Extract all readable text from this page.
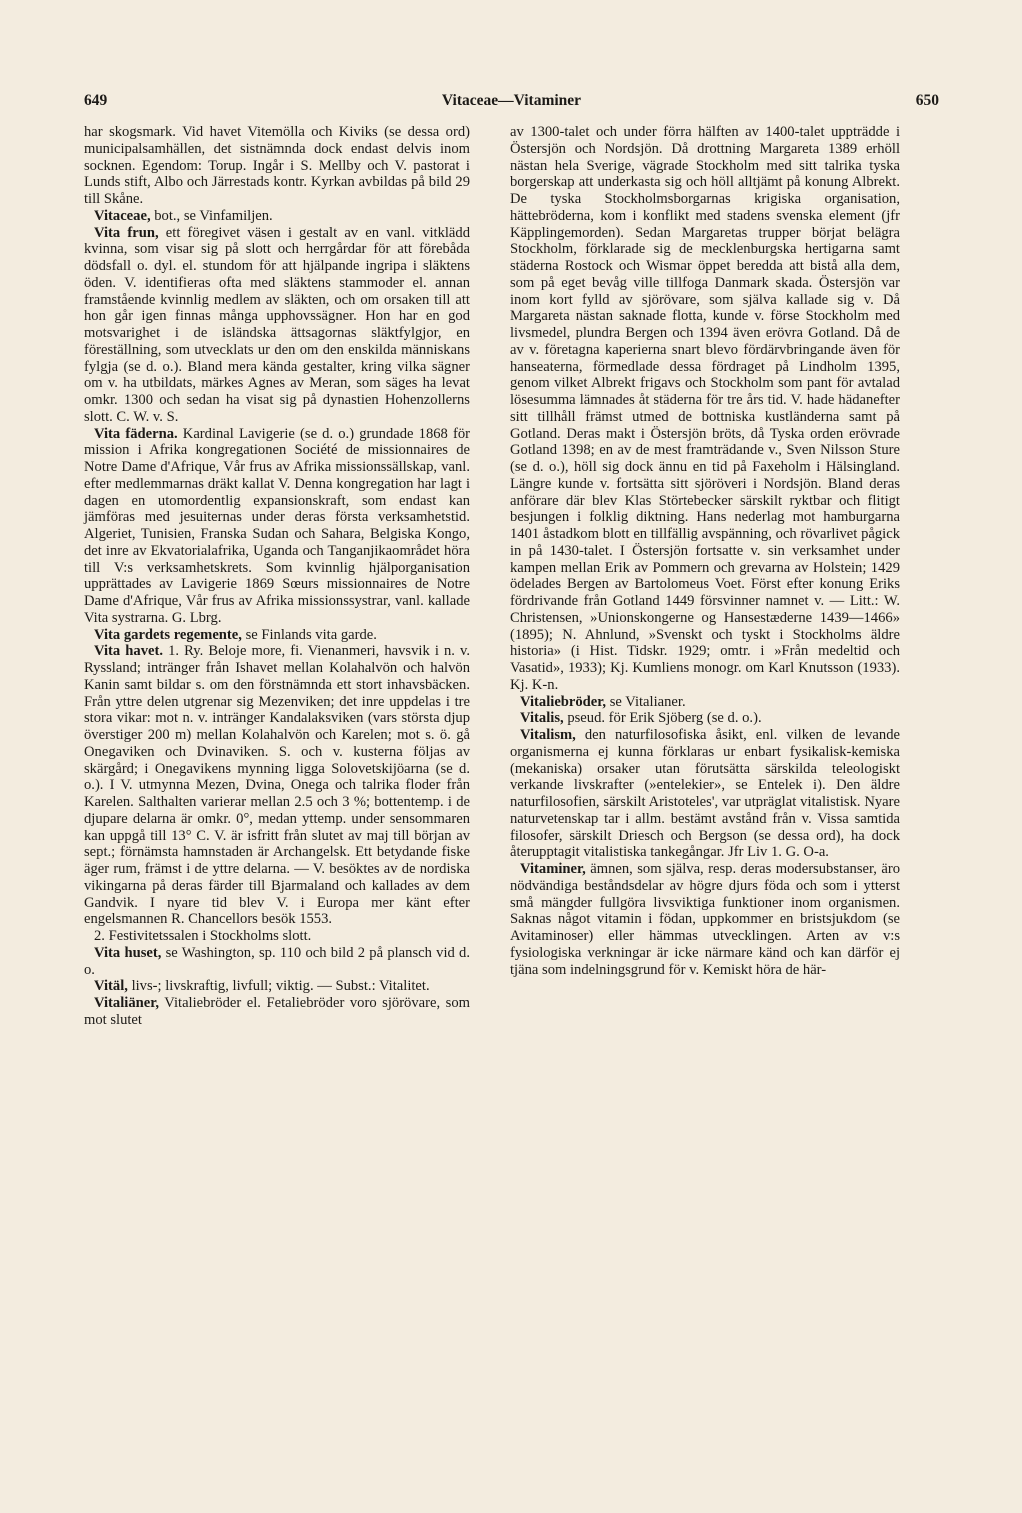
649	Vitaceae—Vitaminer	650

har skogsmark. Vid havet Vitemölla och Kiviks (se dessa ord) municipalsamhällen, det sistnämnda dock endast delvis inom socknen. Egendom: Torup. Ingår i S. Mellby och V. pastorat i Lunds stift, Albo och Järrestads kontr. Kyrkan avbildas på bild 29 till Skåne.

Vitaceae, bot., se Vinfamiljen.

Vita frun, ett föregivet väsen i gestalt av en vanl. vitklädd kvinna, som visar sig på slott och herrgårdar för att förebåda dödsfall o. dyl. el. stundom för att hjälpande ingripa i släktens öden. V. identifieras ofta med släktens stammoder el. annan framstående kvinnlig medlem av släkten, och om orsaken till att hon går igen finnas många upphovssägner. Hon har en god motsvarighet i de isländska ättsagornas släktfylgjor, en föreställning, som utvecklats ur den om den enskilda människans fylgja (se d. o.). Bland mera kända gestalter, kring vilka sägner om v. ha utbildats, märkes Agnes av Meran, som säges ha levat omkr. 1300 och sedan ha visat sig på dynastien Hohenzollerns slott. C. W. v. S.

Vita fäderna. Kardinal Lavigerie (se d. o.) grundade 1868 för mission i Afrika kongregationen Société de missionnaires de Notre Dame d'Afrique, Vår frus av Afrika missionssällskap, vanl. efter medlemmarnas dräkt kallat V. Denna kongregation har lagt i dagen en utomordentlig expansionskraft, som endast kan jämföras med jesuiternas under deras första verksamhetstid. Algeriet, Tunisien, Franska Sudan och Sahara, Belgiska Kongo, det inre av Ekvatorialafrika, Uganda och Tanganjikaområdet höra till V:s verksamhetskrets. Som kvinnlig hjälporganisation upprättades av Lavigerie 1869 Sœurs missionnaires de Notre Dame d'Afrique, Vår frus av Afrika missionssystrar, vanl. kallade Vita systrarna. G. Lbrg.

Vita gardets regemente, se Finlands vita garde.

Vita havet. 1. Ry. Beloje more, fi. Vienanmeri, havsvik i n. v. Ryssland; intränger från Ishavet mellan Kolahalvön och halvön Kanin samt bildar s. om den förstnämnda ett stort inhavsbäcken. Från yttre delen utgrenar sig Mezenviken; det inre uppdelas i tre stora vikar: mot n. v. intränger Kandalaksviken (vars största djup överstiger 200 m) mellan Kolahalvön och Karelen; mot s. ö. gå Onegaviken och Dvinaviken. S. och v. kusterna följas av skärgård; i Onegavikens mynning ligga Solovetskijöarna (se d. o.). I V. utmynna Mezen, Dvina, Onega och talrika floder från Karelen. Salthalten varierar mellan 2.5 och 3 %; bottentemp. i de djupare delarna är omkr. 0°, medan yttemp. under sensommaren kan uppgå till 13° C. V. är isfritt från slutet av maj till början av sept.; förnämsta hamnstaden är Archangelsk. Ett betydande fiske äger rum, främst i de yttre delarna. — V. besöktes av de nordiska vikingarna på deras färder till Bjarmaland och kallades av dem Gandvik. I nyare tid blev V. i Europa mer känt efter engelsmannen R. Chancellors besök 1553.

2. Festivitetssalen i Stockholms slott.

Vita huset, se Washington, sp. 110 och bild 2 på plansch vid d. o.

Vitäl, livs-; livskraftig, livfull; viktig. — Subst.: Vitalitet.

Vitaliäner, Vitaliebröder el. Fetaliebröder voro sjörövare, som mot slutet

av 1300-talet och under förra hälften av 1400-talet uppträdde i Östersjön och Nordsjön. Då drottning Margareta 1389 erhöll nästan hela Sverige, vägrade Stockholm med sitt talrika tyska borgerskap att underkasta sig och höll alltjämt på konung Albrekt. De tyska Stockholmsborgarnas krigiska organisation, hättebröderna, kom i konflikt med stadens svenska element (jfr Käpplingemorden). Sedan Margaretas trupper börjat belägra Stockholm, förklarade sig de mecklenburgska hertigarna samt städerna Rostock och Wismar öppet beredda att bistå alla dem, som på eget bevåg ville tillfoga Danmark skada. Östersjön var inom kort fylld av sjörövare, som själva kallade sig v. Då Margareta nästan saknade flotta, kunde v. förse Stockholm med livsmedel, plundra Bergen och 1394 även erövra Gotland. Då de av v. företagna kaperierna snart blevo fördärvbringande även för hanseaterna, förmedlade dessa fördraget på Lindholm 1395, genom vilket Albrekt frigavs och Stockholm som pant för avtalad lösesumma lämnades åt städerna för tre års tid. V. hade hädanefter sitt tillhåll främst utmed de bottniska kustländerna samt på Gotland. Deras makt i Östersjön bröts, då Tyska orden erövrade Gotland 1398; en av de mest framträdande v., Sven Nilsson Sture (se d. o.), höll sig dock ännu en tid på Faxeholm i Hälsingland. Längre kunde v. fortsätta sitt sjöröveri i Nordsjön. Bland deras anförare där blev Klas Störtebecker särskilt ryktbar och flitigt besjungen i folklig diktning. Hans nederlag mot hamburgarna 1401 åstadkom blott en tillfällig avspänning, och rövarlivet pågick in på 1430-talet. I Östersjön fortsatte v. sin verksamhet under kampen mellan Erik av Pommern och grevarna av Holstein; 1429 ödelades Bergen av Bartolomeus Voet. Först efter konung Eriks fördrivande från Gotland 1449 försvinner namnet v. — Litt.: W. Christensen, »Unionskongerne og Hansestæderne 1439—1466» (1895); N. Ahnlund, »Svenskt och tyskt i Stockholms äldre historia» (i Hist. Tidskr. 1929; omtr. i »Från medeltid och Vasatid», 1933); Kj. Kumliens monogr. om Karl Knutsson (1933). Kj. K-n.

Vitaliebröder, se Vitalianer.

Vitalis, pseud. för Erik Sjöberg (se d. o.).

Vitalism, den naturfilosofiska åsikt, enl. vilken de levande organismerna ej kunna förklaras ur enbart fysikalisk-kemiska (mekaniska) orsaker utan förutsätta särskilda teleologiskt verkande livskrafter (»entelekier», se Entelek i). Den äldre naturfilosofien, särskilt Aristoteles', var utpräglat vitalistisk. Nyare naturvetenskap tar i allm. bestämt avstånd från v. Vissa samtida filosofer, särskilt Driesch och Bergson (se dessa ord), ha dock återupptagit vitalistiska tankegångar. Jfr Liv 1. G. O-a.

Vitaminer, ämnen, som själva, resp. deras modersubstanser, äro nödvändiga beståndsdelar av högre djurs föda och som i ytterst små mängder fullgöra livsviktiga funktioner inom organismen. Saknas något vitamin i födan, uppkommer en bristsjukdom (se Avitaminoser) eller hämmas utvecklingen. Arten av v:s fysiologiska verkningar är icke närmare känd och kan därför ej tjäna som indelningsgrund för v. Kemiskt höra de här-
